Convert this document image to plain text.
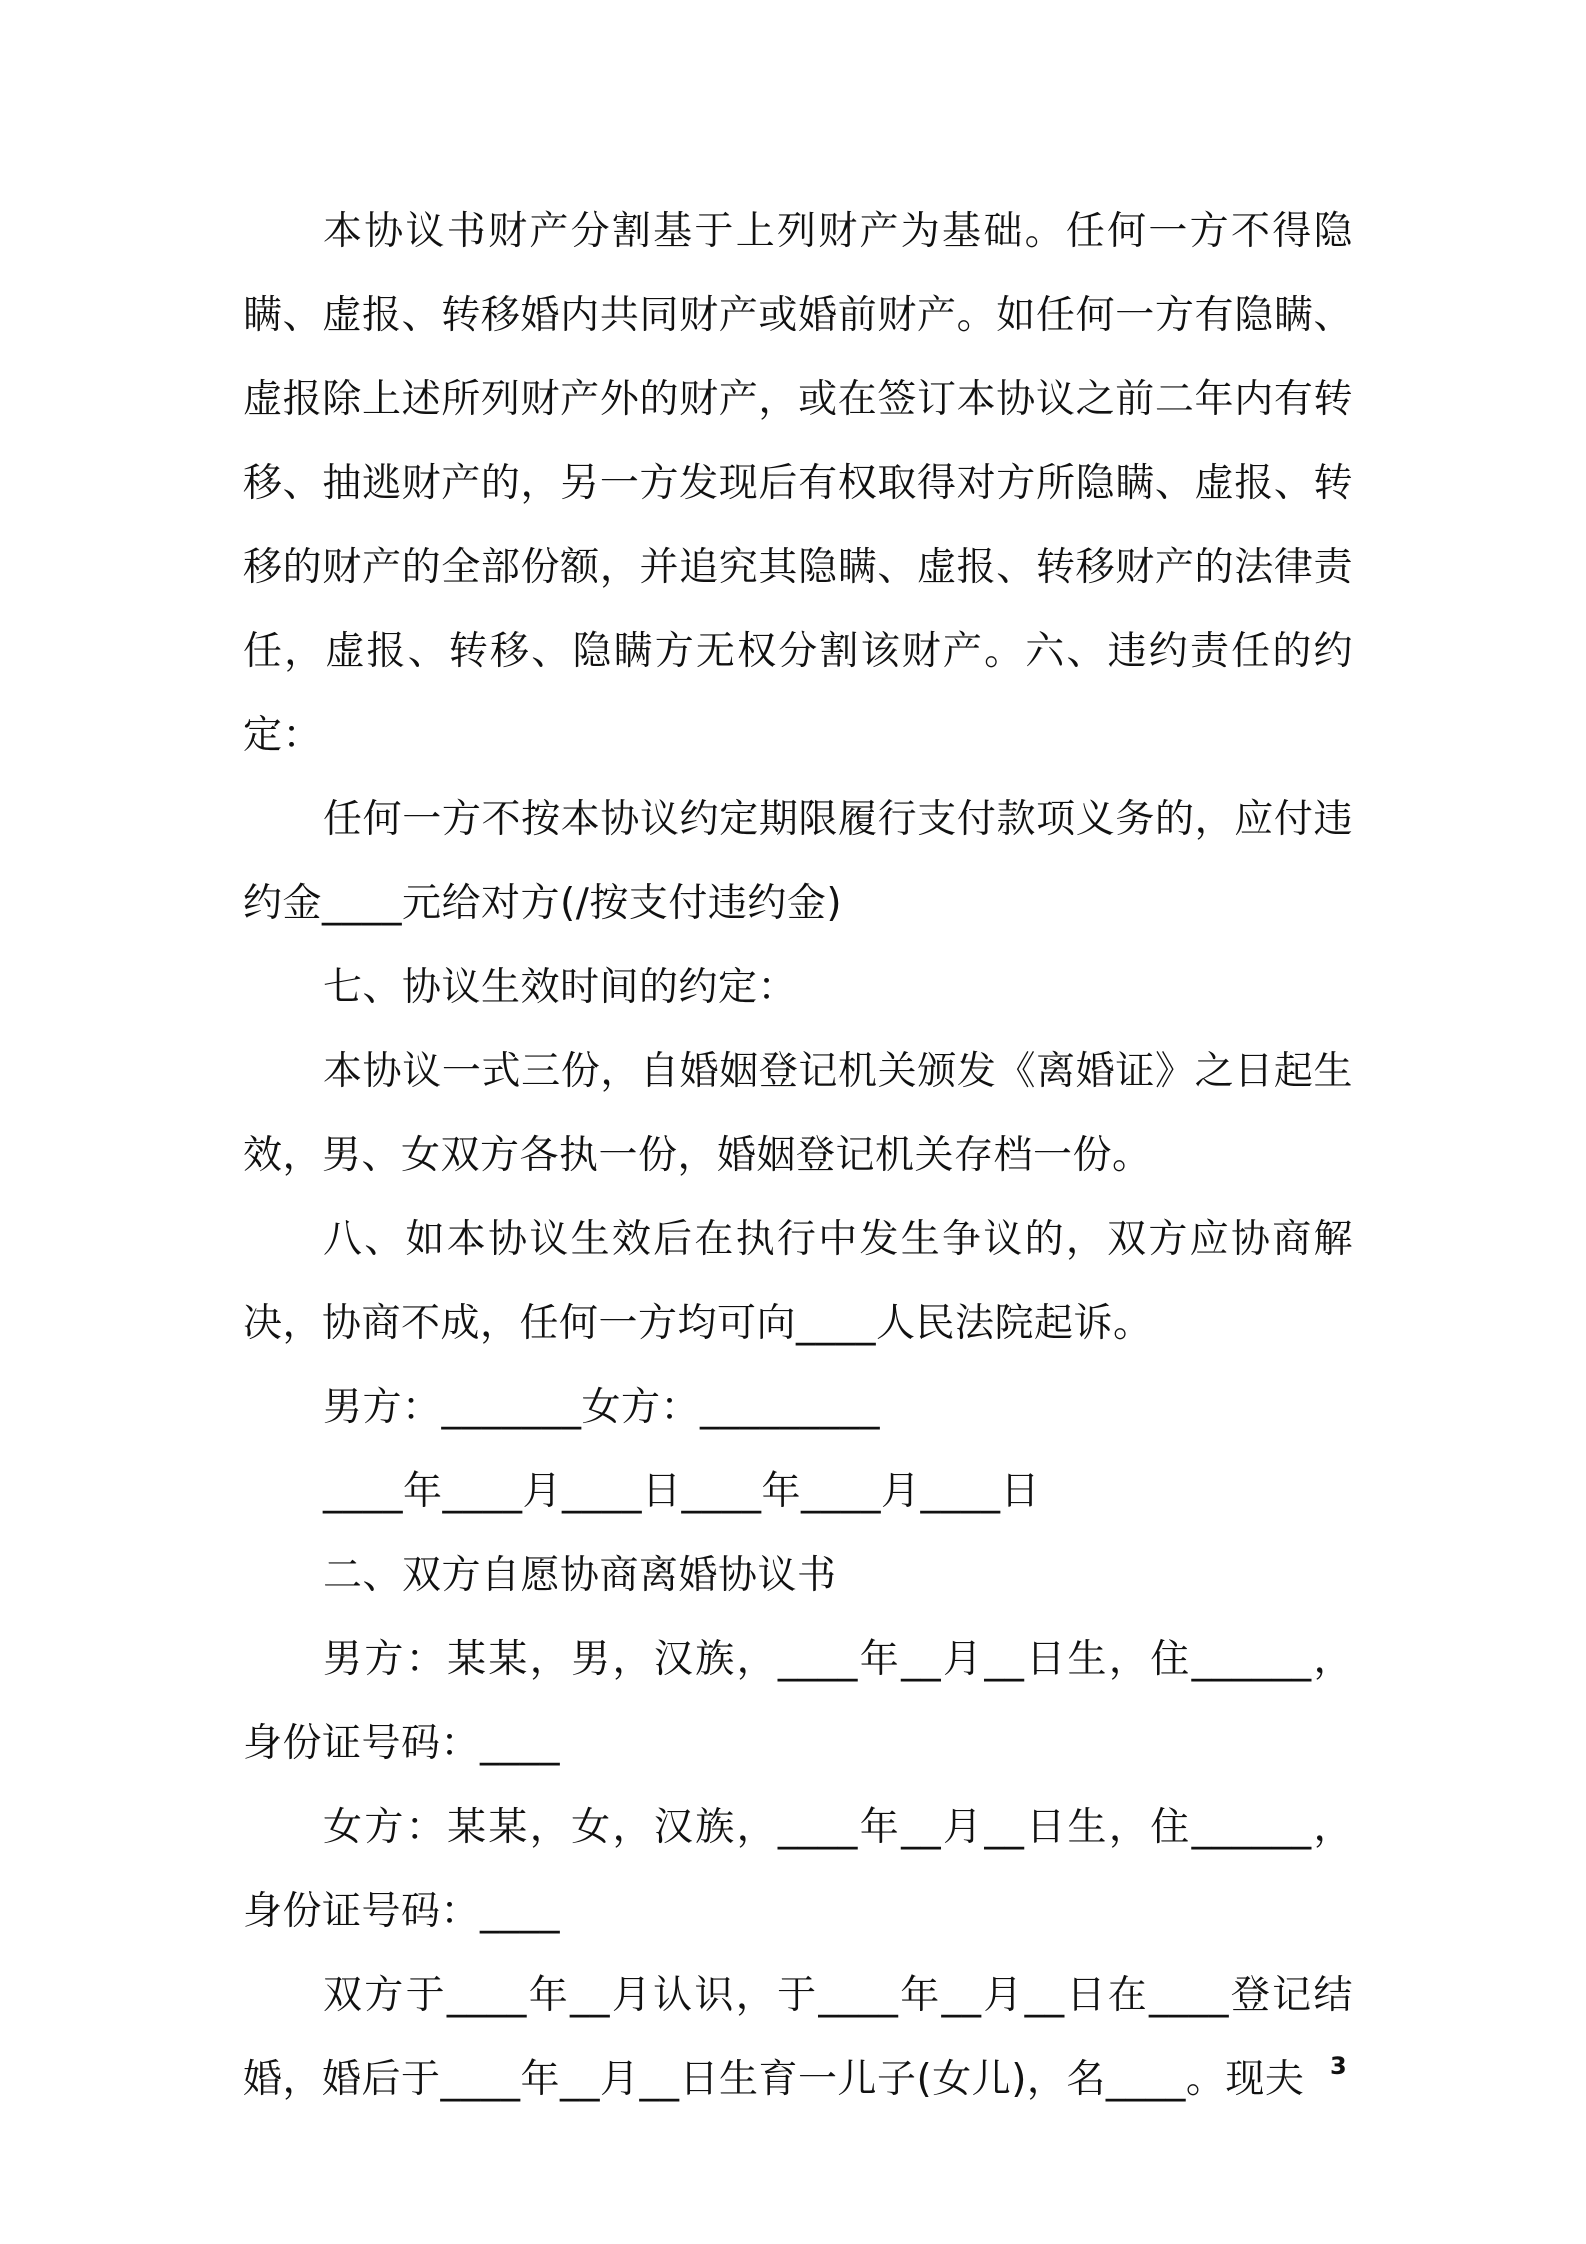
本协议书财产分割基于上列财产为基础。任何一方不得隐瞒、虚报、转移婚内共同财产或婚前财产。如任何一方有隐瞒、虚报除上述所列财产外的财产，或在签订本协议之前二年内有转移、抽逃财产的，另一方发现后有权取得对方所隐瞒、虚报、转移的财产的全部份额，并追究其隐瞒、虚报、转移财产的法律责任，虚报、转移、隐瞒方无权分割该财产。六、违约责任的约定：

任何一方不按本协议约定期限履行支付款项义务的，应付违约金____元给对方(/按支付违约金)

七、协议生效时间的约定：

本协议一式三份，自婚姻登记机关颁发《离婚证》之日起生效，男、女双方各执一份，婚姻登记机关存档一份。

八、如本协议生效后在执行中发生争议的，双方应协商解决，协商不成，任何一方均可向____人民法院起诉。

男方：_______女方：_________

____年____月____日____年____月____日

二、双方自愿协商离婚协议书

男方：某某，男，汉族，____年__月__日生，住______，身份证号码：____

女方：某某，女，汉族，____年__月__日生，住______，身份证号码：____

双方于____年__月认识，于____年__月__日在____登记结婚，婚后于____年__月__日生育一儿子(女儿)，名____。现夫	3
